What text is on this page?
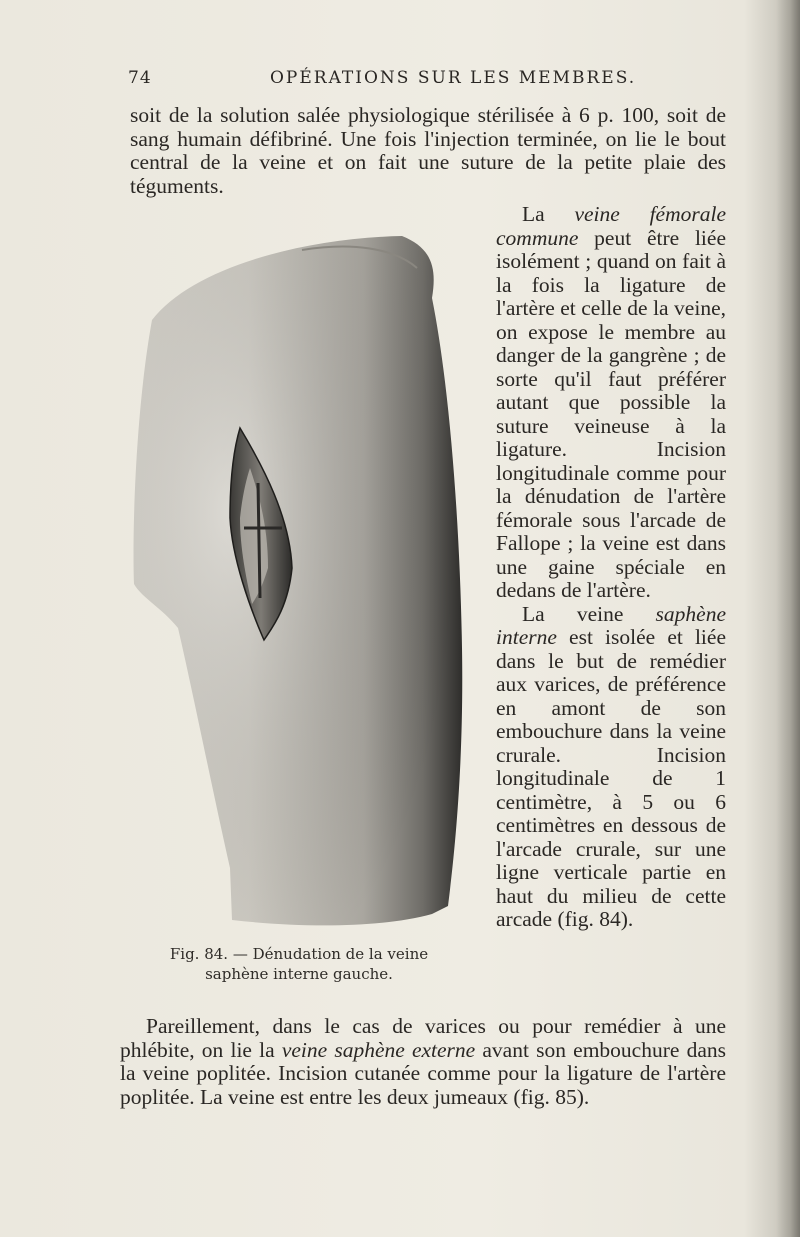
74	OPÉRATIONS SUR LES MEMBRES.

soit de la solution salée physiologique stérilisée à 6 p. 100, soit de sang humain défibriné. Une fois l'injection terminée, on lie le bout central de la veine et on fait une suture de la petite plaie des téguments.

La veine fémorale commune peut être liée isolément ; quand on fait à la fois la ligature de l'artère et celle de la veine, on expose le membre au danger de la gangrène ; de sorte qu'il faut préférer autant que possible la suture veineuse à la ligature. Incision longitudinale comme pour la dénudation de l'artère fémorale sous l'arcade de Fallope ; la veine est dans une gaine spéciale en dedans de l'artère.

La veine saphène interne est isolée et liée dans le but de remédier aux varices, de préférence en amont de son embouchure dans la veine crurale. Incision longitudinale de 1 centimètre, à 5 ou 6 centimètres en dessous de l'arcade crurale, sur une ligne verticale partie en haut du milieu de cette arcade (fig. 84).

Fig. 84. — Dénudation de la veine
saphène interne gauche.

Pareillement, dans le cas de varices ou pour remédier à une phlébite, on lie la veine saphène externe avant son embouchure dans la veine poplitée. Incision cutanée comme pour la ligature de l'artère poplitée. La veine est entre les deux jumeaux (fig. 85).
